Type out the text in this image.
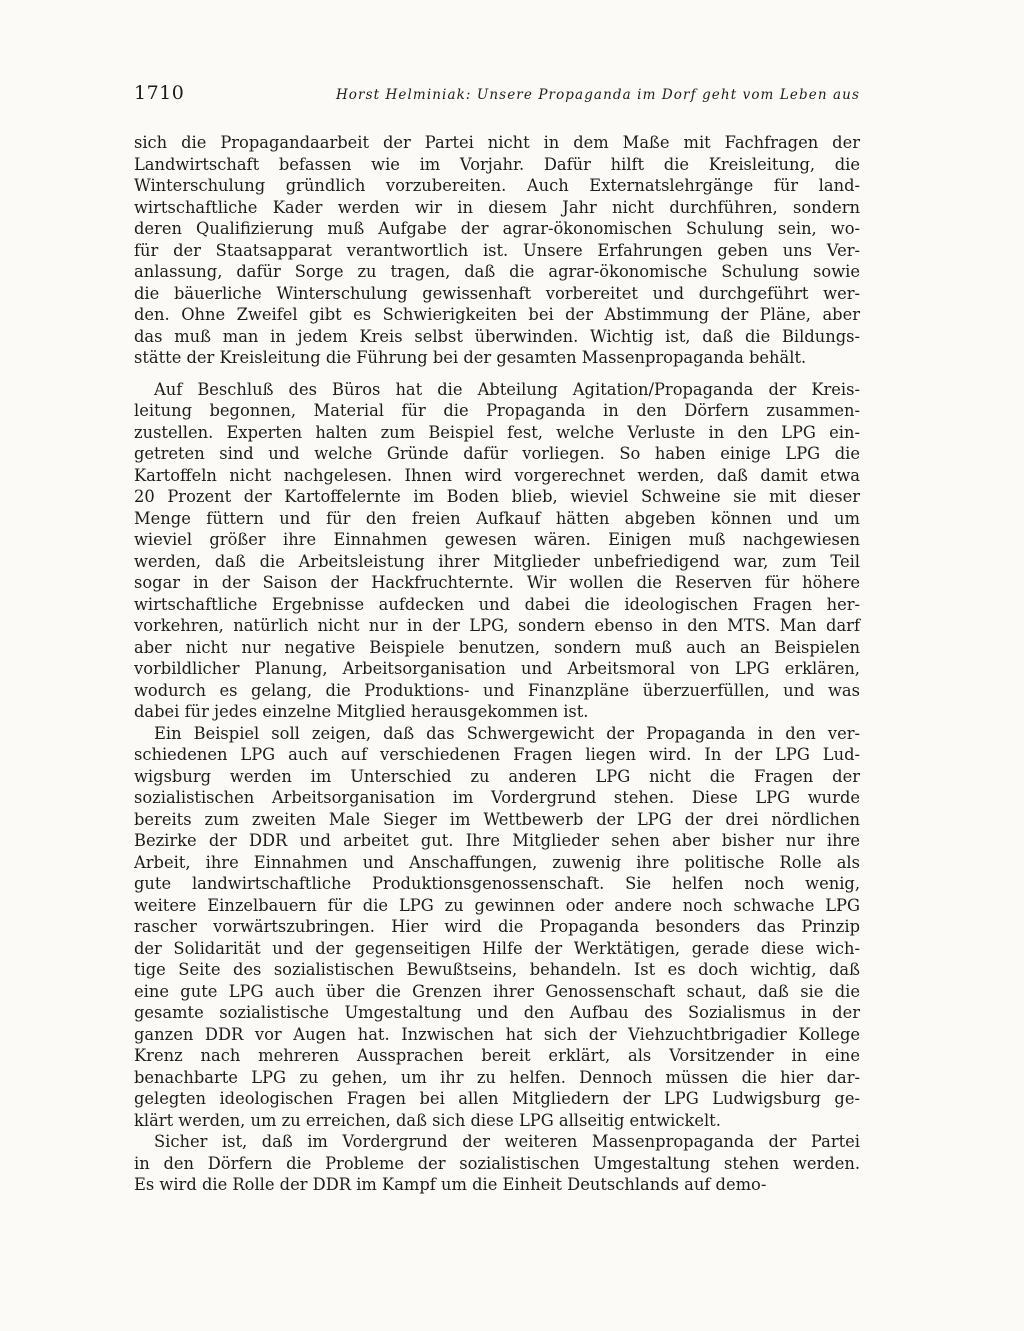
1710	Horst Helminiak: Unsere Propaganda im Dorf geht vom Leben aus
sich die Propagandaarbeit der Partei nicht in dem Maße mit Fachfragen der
Landwirtschaft befassen wie im Vorjahr. Dafür hilft die Kreisleitung, die
Winterschulung gründlich vorzubereiten. Auch Externatslehrgänge für land-
wirtschaftliche Kader werden wir in diesem Jahr nicht durchführen, sondern
deren Qualifizierung muß Aufgabe der agrar-ökonomischen Schulung sein, wo-
für der Staatsapparat verantwortlich ist. Unsere Erfahrungen geben uns Ver-
anlassung, dafür Sorge zu tragen, daß die agrar-ökonomische Schulung sowie
die bäuerliche Winterschulung gewissenhaft vorbereitet und durchgeführt wer-
den. Ohne Zweifel gibt es Schwierigkeiten bei der Abstimmung der Pläne, aber
das muß man in jedem Kreis selbst überwinden. Wichtig ist, daß die Bildungs-
stätte der Kreisleitung die Führung bei der gesamten Massenpropaganda behält.
Auf Beschluß des Büros hat die Abteilung Agitation/Propaganda der Kreis-
leitung begonnen, Material für die Propaganda in den Dörfern zusammen-
zustellen. Experten halten zum Beispiel fest, welche Verluste in den LPG ein-
getreten sind und welche Gründe dafür vorliegen. So haben einige LPG die
Kartoffeln nicht nachgelesen. Ihnen wird vorgerechnet werden, daß damit etwa
20 Prozent der Kartoffelernte im Boden blieb, wieviel Schweine sie mit dieser
Menge füttern und für den freien Aufkauf hätten abgeben können und um
wieviel größer ihre Einnahmen gewesen wären. Einigen muß nachgewiesen
werden, daß die Arbeitsleistung ihrer Mitglieder unbefriedigend war, zum Teil
sogar in der Saison der Hackfruchternte. Wir wollen die Reserven für höhere
wirtschaftliche Ergebnisse aufdecken und dabei die ideologischen Fragen her-
vorkehren, natürlich nicht nur in der LPG, sondern ebenso in den MTS. Man darf
aber nicht nur negative Beispiele benutzen, sondern muß auch an Beispielen
vorbildlicher Planung, Arbeitsorganisation und Arbeitsmoral von LPG erklären,
wodurch es gelang, die Produktions- und Finanzpläne überzuerfüllen, und was
dabei für jedes einzelne Mitglied herausgekommen ist.
Ein Beispiel soll zeigen, daß das Schwergewicht der Propaganda in den ver-
schiedenen LPG auch auf verschiedenen Fragen liegen wird. In der LPG Lud-
wigsburg werden im Unterschied zu anderen LPG nicht die Fragen der
sozialistischen Arbeitsorganisation im Vordergrund stehen. Diese LPG wurde
bereits zum zweiten Male Sieger im Wettbewerb der LPG der drei nördlichen
Bezirke der DDR und arbeitet gut. Ihre Mitglieder sehen aber bisher nur ihre
Arbeit, ihre Einnahmen und Anschaffungen, zuwenig ihre politische Rolle als
gute landwirtschaftliche Produktionsgenossenschaft. Sie helfen noch wenig,
weitere Einzelbauern für die LPG zu gewinnen oder andere noch schwache LPG
rascher vorwärtszubringen. Hier wird die Propaganda besonders das Prinzip
der Solidarität und der gegenseitigen Hilfe der Werktätigen, gerade diese wich-
tige Seite des sozialistischen Bewußtseins, behandeln. Ist es doch wichtig, daß
eine gute LPG auch über die Grenzen ihrer Genossenschaft schaut, daß sie die
gesamte sozialistische Umgestaltung und den Aufbau des Sozialismus in der
ganzen DDR vor Augen hat. Inzwischen hat sich der Viehzuchtbrigadier Kollege
Krenz nach mehreren Aussprachen bereit erklärt, als Vorsitzender in eine
benachbarte LPG zu gehen, um ihr zu helfen. Dennoch müssen die hier dar-
gelegten ideologischen Fragen bei allen Mitgliedern der LPG Ludwigsburg ge-
klärt werden, um zu erreichen, daß sich diese LPG allseitig entwickelt.
Sicher ist, daß im Vordergrund der weiteren Massenpropaganda der Partei
in den Dörfern die Probleme der sozialistischen Umgestaltung stehen werden.
Es wird die Rolle der DDR im Kampf um die Einheit Deutschlands auf demo-
